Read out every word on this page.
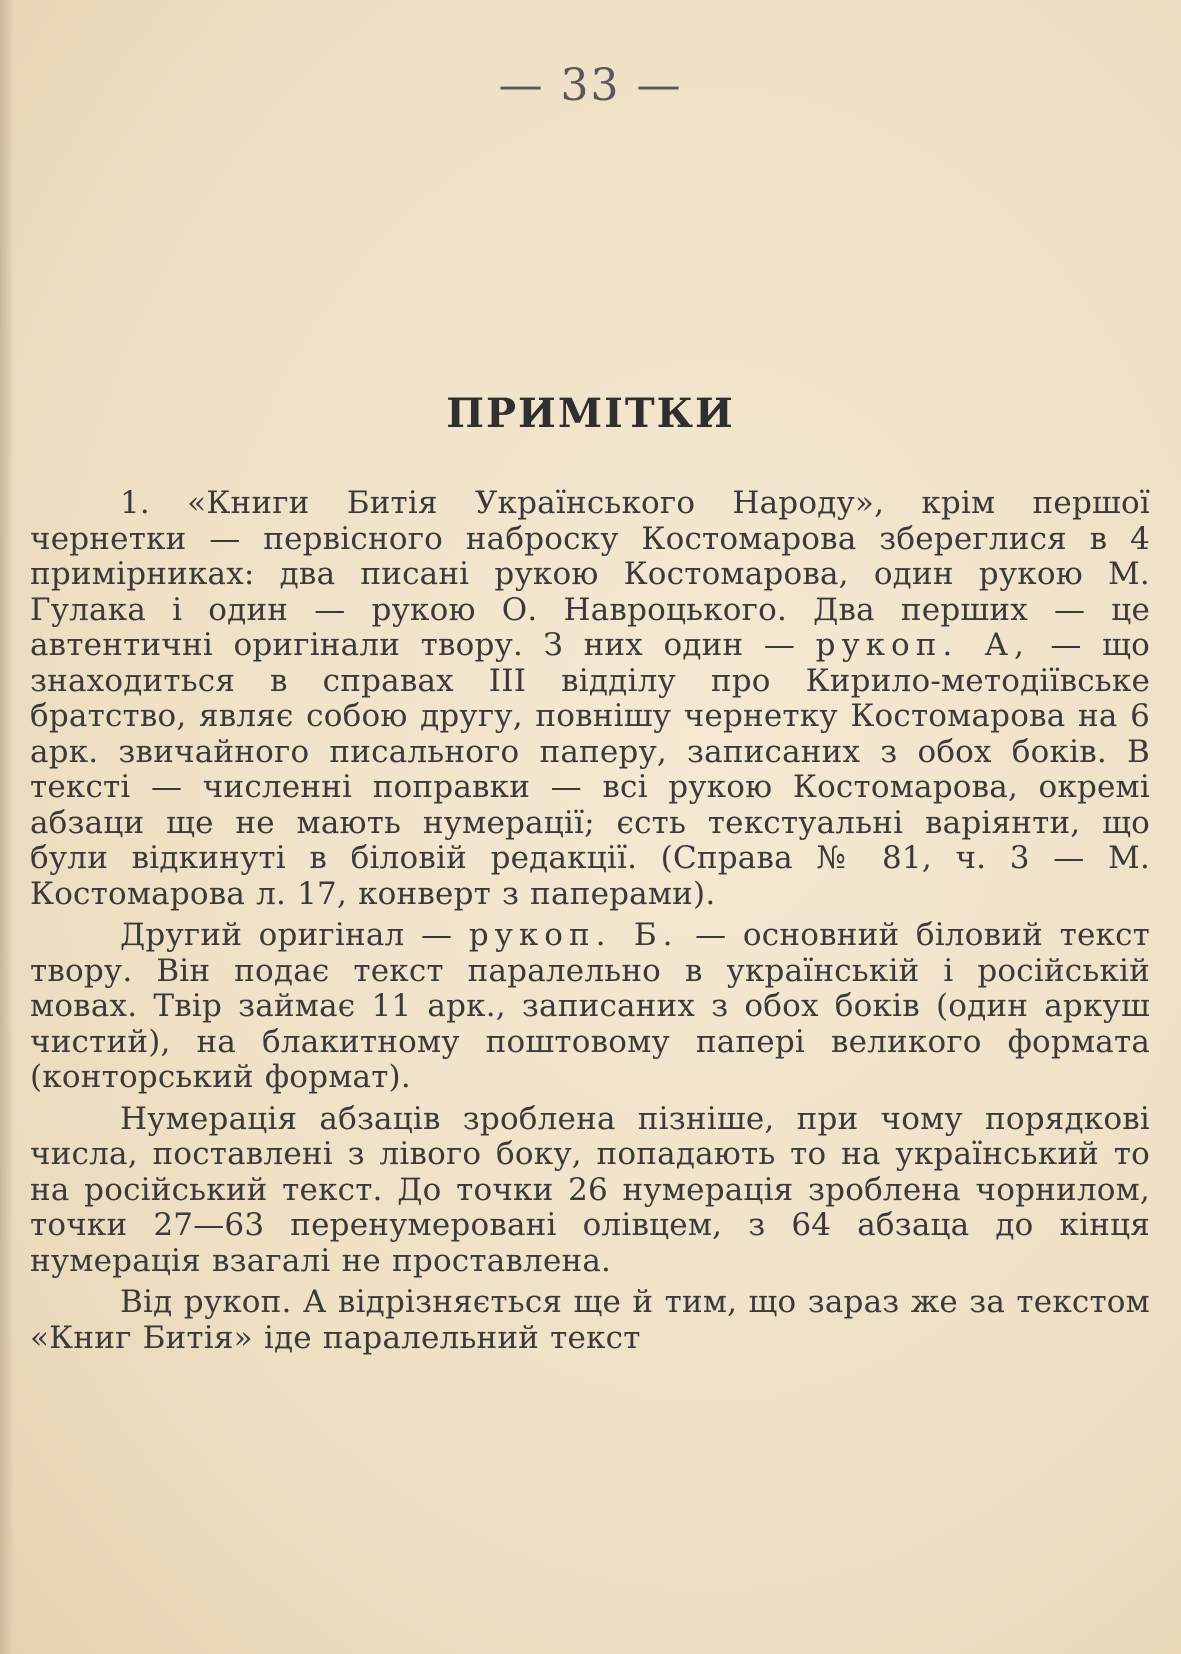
— 33 —
ПРИМІТКИ

1. «Книги Битія Українського Народу», крім першої чернетки — первісного наброску Костомарова збереглися в 4 примірниках: два писані рукою Костомарова, один рукою М. Гулака і один — рукою О. Навроцького. Два перших — це автентичні оригінали твору. З них один — рукоп. А, — що знаходиться в справах III відділу про Кирило-методіївське братство, являє собою другу, повнішу чернетку Костомарова на 6 арк. звичайного писального паперу, записаних з обох боків. В тексті — численні поправки — всі рукою Костомарова, окремі абзаци ще не мають нумерації; єсть текстуальні варіянти, що були відкинуті в біловій редакції. (Справа № 81, ч. 3 — М. Костомарова л. 17, конверт з паперами).

Другий оригінал — рукоп. Б. — основний біловий текст твору. Він подає текст паралельно в українській і російській мовах. Твір займає 11 арк., записаних з обох боків (один аркуш чистий), на блакитному поштовому папері великого формата (конторський формат).

Нумерація абзаців зроблена пізніше, при чому порядкові числа, поставлені з лівого боку, попадають то на український то на російський текст. До точки 26 нумерація зроблена чорнилом, точки 27—63 перенумеровані олівцем, з 64 абзаца до кінця нумерація взагалі не проставлена.

Від рукоп. А відрізняється ще й тим, що зараз же за текстом «Книг Битія» іде паралельний текст
